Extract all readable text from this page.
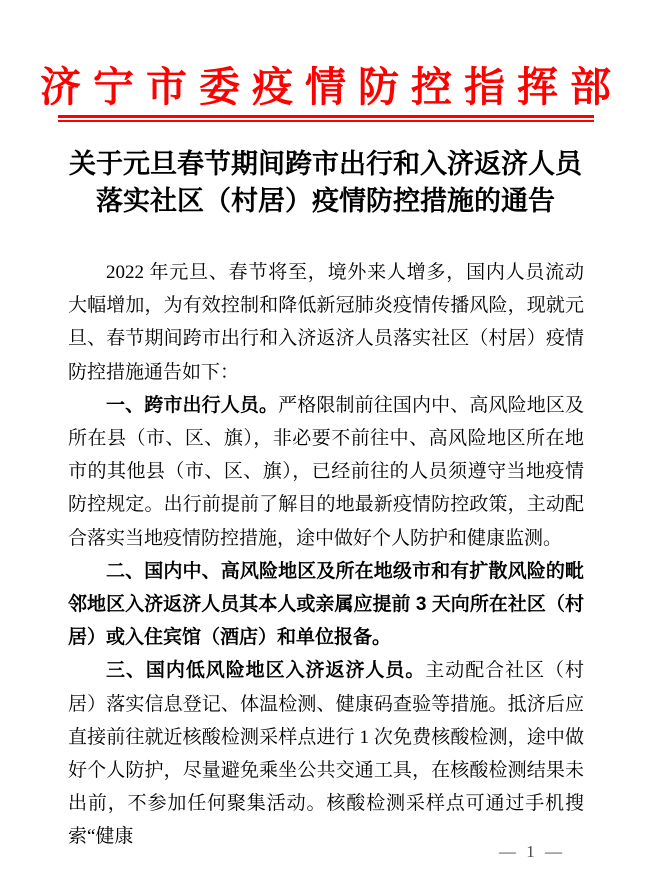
济宁市委疫情防控指挥部
关于元旦春节期间跨市出行和入济返济人员
落实社区（村居）疫情防控措施的通告

2022 年元旦、春节将至，境外来人增多，国内人员流动大幅增加，为有效控制和降低新冠肺炎疫情传播风险，现就元旦、春节期间跨市出行和入济返济人员落实社区（村居）疫情防控措施通告如下：

一、跨市出行人员。严格限制前往国内中、高风险地区及所在县（市、区、旗），非必要不前往中、高风险地区所在地市的其他县（市、区、旗），已经前往的人员须遵守当地疫情防控规定。出行前提前了解目的地最新疫情防控政策，主动配合落实当地疫情防控措施，途中做好个人防护和健康监测。

二、国内中、高风险地区及所在地级市和有扩散风险的毗邻地区入济返济人员其本人或亲属应提前 3 天向所在社区（村居）或入住宾馆（酒店）和单位报备。

三、国内低风险地区入济返济人员。主动配合社区（村居）落实信息登记、体温检测、健康码查验等措施。抵济后应直接前往就近核酸检测采样点进行 1 次免费核酸检测，途中做好个人防护，尽量避免乘坐公共交通工具，在核酸检测结果未出前，不参加任何聚集活动。核酸检测采样点可通过手机搜索“健康

— 1 —
